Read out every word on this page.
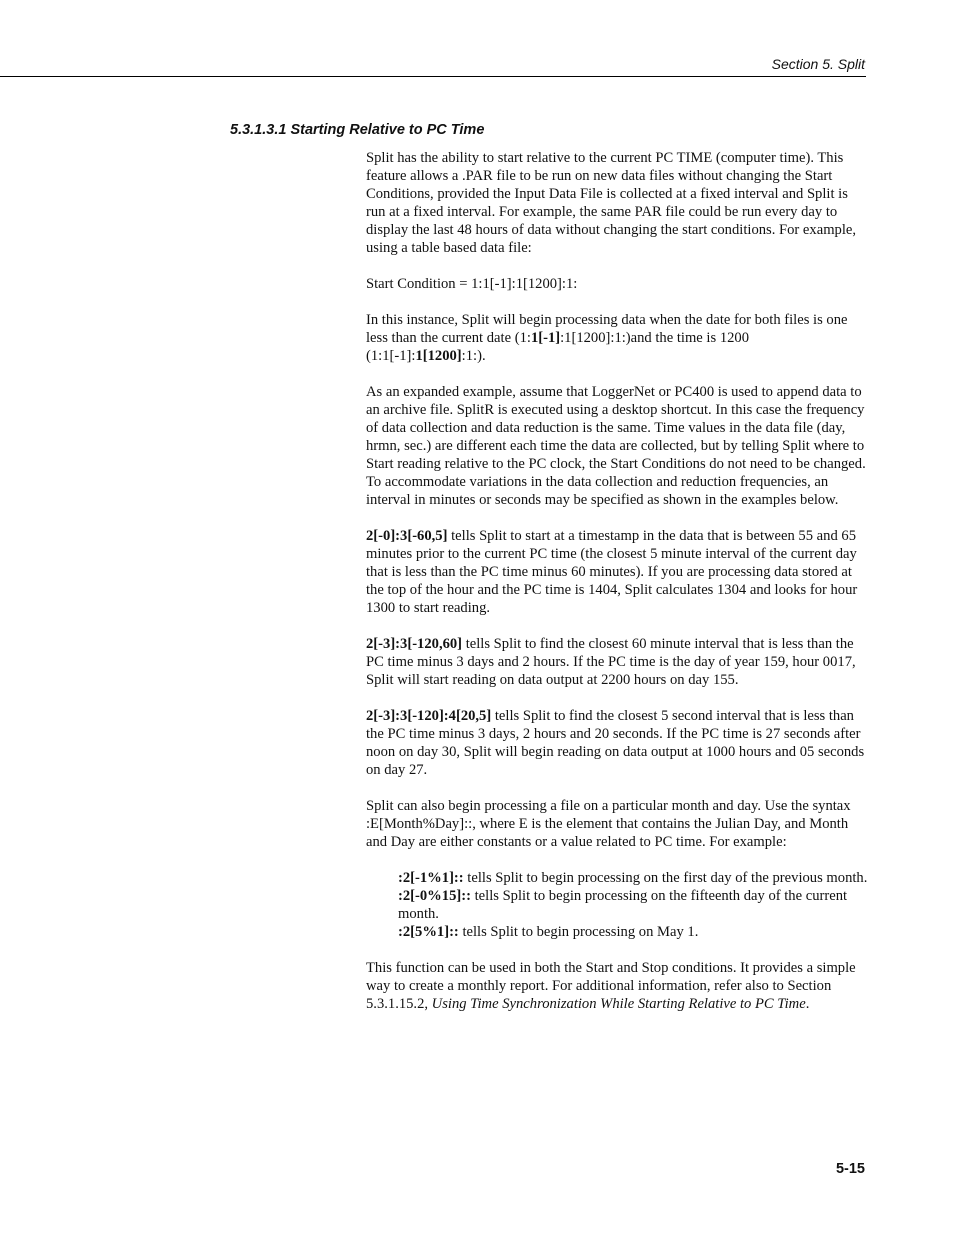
Section 5. Split
5.3.1.3.1 Starting Relative to PC Time

Split has the ability to start relative to the current PC TIME (computer time). This feature allows a .PAR file to be run on new data files without changing the Start Conditions, provided the Input Data File is collected at a fixed interval and Split is run at a fixed interval. For example, the same PAR file could be run every day to display the last 48 hours of data without changing the start conditions. For example, using a table based data file:

Start Condition = 1:1[-1]:1[1200]:1:

In this instance, Split will begin processing data when the date for both files is one less than the current date (1:1[-1]:1[1200]:1:)and the time is 1200 (1:1[-1]:1[1200]:1:).

As an expanded example, assume that LoggerNet or PC400 is used to append data to an archive file. SplitR is executed using a desktop shortcut. In this case the frequency of data collection and data reduction is the same. Time values in the data file (day, hrmn, sec.) are different each time the data are collected, but by telling Split where to Start reading relative to the PC clock, the Start Conditions do not need to be changed. To accommodate variations in the data collection and reduction frequencies, an interval in minutes or seconds may be specified as shown in the examples below.

2[-0]:3[-60,5] tells Split to start at a timestamp in the data that is between 55 and 65 minutes prior to the current PC time (the closest 5 minute interval of the current day that is less than the PC time minus 60 minutes). If you are processing data stored at the top of the hour and the PC time is 1404, Split calculates 1304 and looks for hour 1300 to start reading.

2[-3]:3[-120,60] tells Split to find the closest 60 minute interval that is less than the PC time minus 3 days and 2 hours. If the PC time is the day of year 159, hour 0017, Split will start reading on data output at 2200 hours on day 155.

2[-3]:3[-120]:4[20,5] tells Split to find the closest 5 second interval that is less than the PC time minus 3 days, 2 hours and 20 seconds. If the PC time is 27 seconds after noon on day 30, Split will begin reading on data output at 1000 hours and 05 seconds on day 27.

Split can also begin processing a file on a particular month and day. Use the syntax :E[Month%Day]::, where E is the element that contains the Julian Day, and Month and Day are either constants or a value related to PC time. For example:

:2[-1%1]:: tells Split to begin processing on the first day of the previous month.

:2[-0%15]:: tells Split to begin processing on the fifteenth day of the current month.

:2[5%1]:: tells Split to begin processing on May 1.

This function can be used in both the Start and Stop conditions. It provides a simple way to create a monthly report. For additional information, refer also to Section 5.3.1.15.2, Using Time Synchronization While Starting Relative to PC Time.

5-15
